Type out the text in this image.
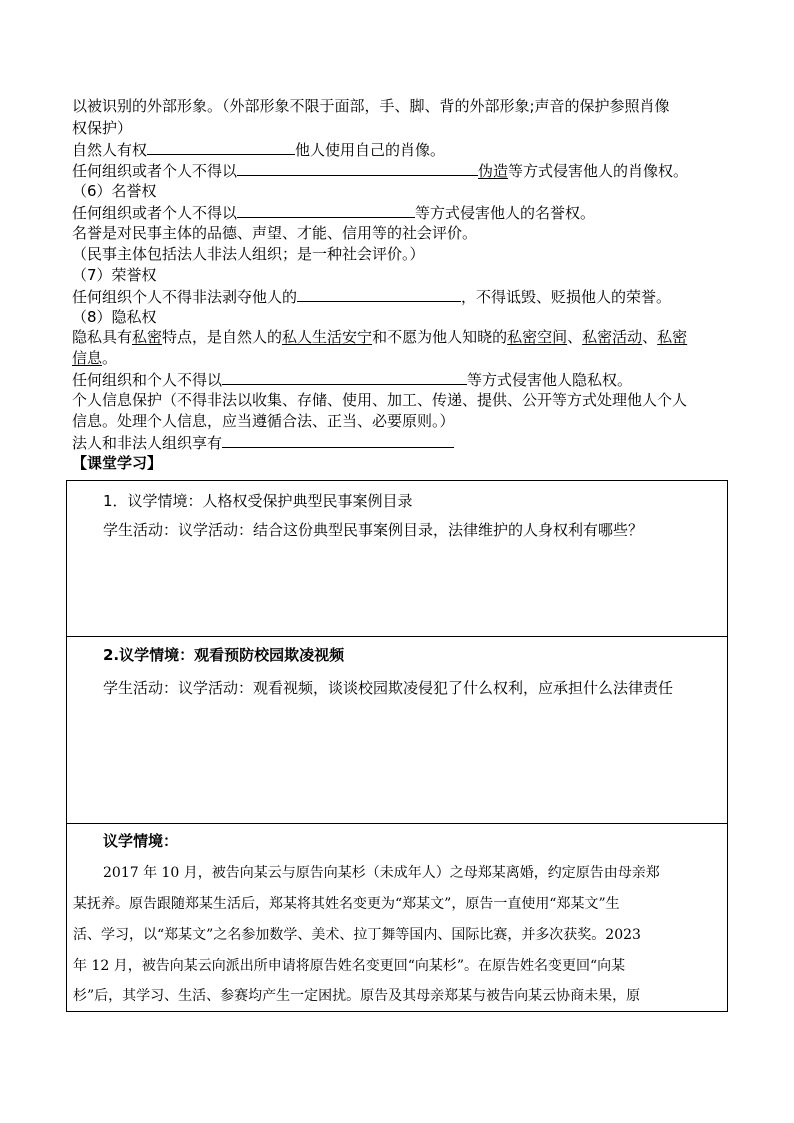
以被识别的外部形象。（外部形象不限于面部，手、脚、背的外部形象;声音的保护参照肖像
权保护）
自然人有权	他人使用自己的肖像。
任何组织或者个人不得以	伪造等方式侵害他人的肖像权。
（6）名誉权
任何组织或者个人不得以	等方式侵害他人的名誉权。
名誉是对民事主体的品德、声望、才能、信用等的社会评价。
（民事主体包括法人非法人组织；是一种社会评价。）
（7）荣誉权
任何组织个人不得非法剥夺他人的	，不得诋毁、贬损他人的荣誉。
（8）隐私权
隐私具有私密特点，是自然人的私人生活安宁和不愿为他人知晓的私密空间、私密活动、私密
信息。
任何组织和个人不得以	等方式侵害他人隐私权。
个人信息保护（不得非法以收集、存储、使用、加工、传递、提供、公开等方式处理他人个人
信息。处理个人信息，应当遵循合法、正当、必要原则。）
法人和非法人组织享有
【课堂学习】
1．议学情境：人格权受保护典型民事案例目录
学生活动：议学活动：结合这份典型民事案例目录，法律维护的人身权利有哪些？
2.议学情境：观看预防校园欺凌视频
学生活动：议学活动：观看视频，谈谈校园欺凌侵犯了什么权利，应承担什么法律责任
议学情境：
2017 年 10 月，被告向某云与原告向某杉（未成年人）之母郑某离婚，约定原告由母亲郑
某抚养。原告跟随郑某生活后，郑某将其姓名变更为“郑某文”，原告一直使用“郑某文”生
活、学习，以“郑某文”之名参加数学、美术、拉丁舞等国内、国际比赛，并多次获奖。2023
年 12 月，被告向某云向派出所申请将原告姓名变更回“向某杉”。在原告姓名变更回“向某
杉”后，其学习、生活、参赛均产生一定困扰。原告及其母亲郑某与被告向某云协商未果，原
